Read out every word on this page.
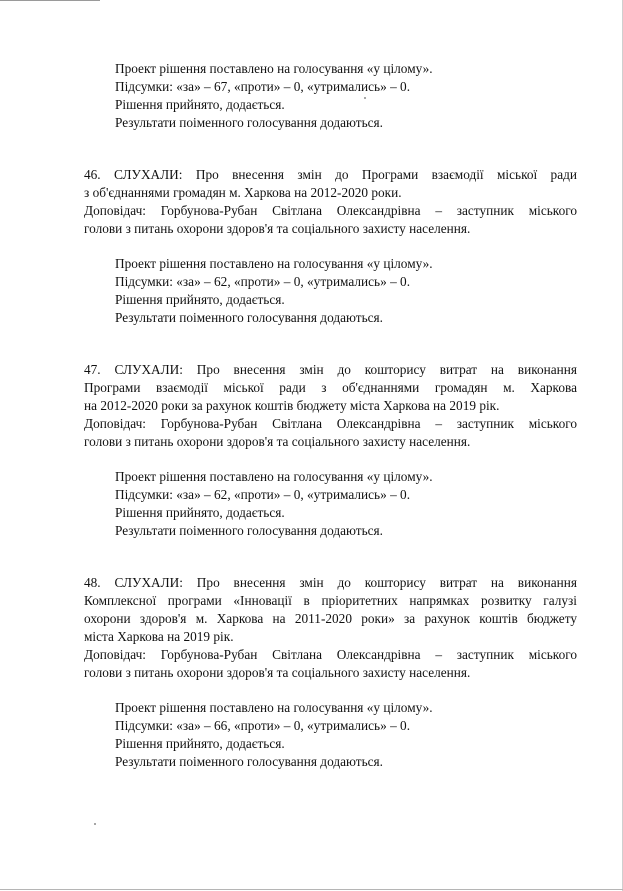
Проект рішення поставлено на голосування «у цілому».
Підсумки: «за» – 67, «проти» – 0, «утримались» – 0.
Рішення прийнято, додається.
Результати поіменного голосування додаються.
46. СЛУХАЛИ: Про внесення змін до Програми взаємодії міської ради
з об'єднаннями громадян м. Харкова на 2012-2020 роки.
Доповідач: Горбунова-Рубан Світлана Олександрівна – заступник міського
голови з питань охорони здоров'я та соціального захисту населення.
Проект рішення поставлено на голосування «у цілому».
Підсумки: «за» – 62, «проти» – 0, «утримались» – 0.
Рішення прийнято, додається.
Результати поіменного голосування додаються.
47. СЛУХАЛИ: Про внесення змін до кошторису витрат на виконання
Програми взаємодії міської ради з об'єднаннями громадян м. Харкова
на 2012-2020 роки за рахунок коштів бюджету міста Харкова на 2019 рік.
Доповідач: Горбунова-Рубан Світлана Олександрівна – заступник міського
голови з питань охорони здоров'я та соціального захисту населення.
Проект рішення поставлено на голосування «у цілому».
Підсумки: «за» – 62, «проти» – 0, «утримались» – 0.
Рішення прийнято, додається.
Результати поіменного голосування додаються.
48. СЛУХАЛИ: Про внесення змін до кошторису витрат на виконання
Комплексної програми «Інновації в пріоритетних напрямках розвитку галузі
охорони здоров'я м. Харкова на 2011-2020 роки» за рахунок коштів бюджету
міста Харкова на 2019 рік.
Доповідач: Горбунова-Рубан Світлана Олександрівна – заступник міського
голови з питань охорони здоров'я та соціального захисту населення.
Проект рішення поставлено на голосування «у цілому».
Підсумки: «за» – 66, «проти» – 0, «утримались» – 0.
Рішення прийнято, додається.
Результати поіменного голосування додаються.
